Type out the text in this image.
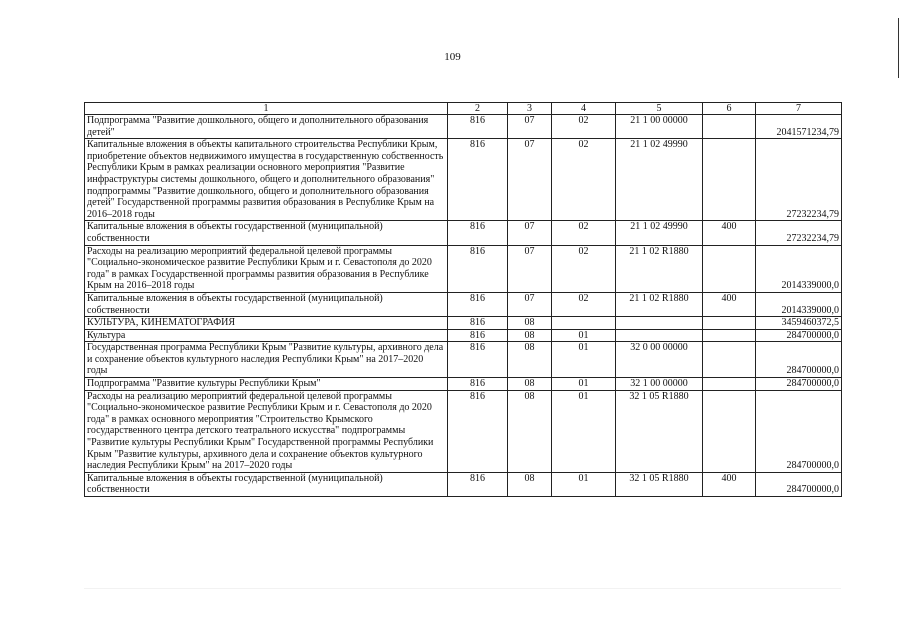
109
1	2	3	4	5	6	7
Подпрограмма "Развитие дошкольного, общего и дополнительного образования детей"	816	07	02	21 1 00 00000		2041571234,79
Капитальные вложения в объекты капитального строительства Республики Крым, приобретение объектов недвижимого имущества в государственную собственность Республики Крым в рамках реализации основного мероприятия "Развитие инфраструктуры системы дошкольного, общего и дополнительного образования" подпрограммы "Развитие дошкольного, общего и дополнительного образования детей" Государственной программы развития образования в Республике Крым на 2016–2018 годы	816	07	02	21 1 02 49990		27232234,79
Капитальные вложения в объекты государственной (муниципальной) собственности	816	07	02	21 1 02 49990	400	27232234,79
Расходы на реализацию мероприятий федеральной целевой программы "Социально-экономическое развитие Республики Крым и г. Севастополя до 2020 года" в рамках Государственной программы развития образования в Республике Крым на 2016–2018 годы	816	07	02	21 1 02 R1880		2014339000,0
Капитальные вложения в объекты государственной (муниципальной) собственности	816	07	02	21 1 02 R1880	400	2014339000,0
КУЛЬТУРА, КИНЕМАТОГРАФИЯ	816	08				3459460372,5
Культура	816	08	01			284700000,0
Государственная программа Республики Крым "Развитие культуры, архивного дела и сохранение объектов культурного наследия Республики Крым" на 2017–2020 годы	816	08	01	32 0 00 00000		284700000,0
Подпрограмма "Развитие культуры Республики Крым"	816	08	01	32 1 00 00000		284700000,0
Расходы на реализацию мероприятий федеральной целевой программы "Социально-экономическое развитие Республики Крым и г. Севастополя до 2020 года" в рамках основного мероприятия "Строительство Крымского государственного центра детского театрального искусства" подпрограммы "Развитие культуры Республики Крым" Государственной программы Республики Крым "Развитие культуры, архивного дела и сохранение объектов культурного наследия Республики Крым" на 2017–2020 годы	816	08	01	32 1 05 R1880		284700000,0
Капитальные вложения в объекты государственной (муниципальной) собственности	816	08	01	32 1 05 R1880	400	284700000,0
